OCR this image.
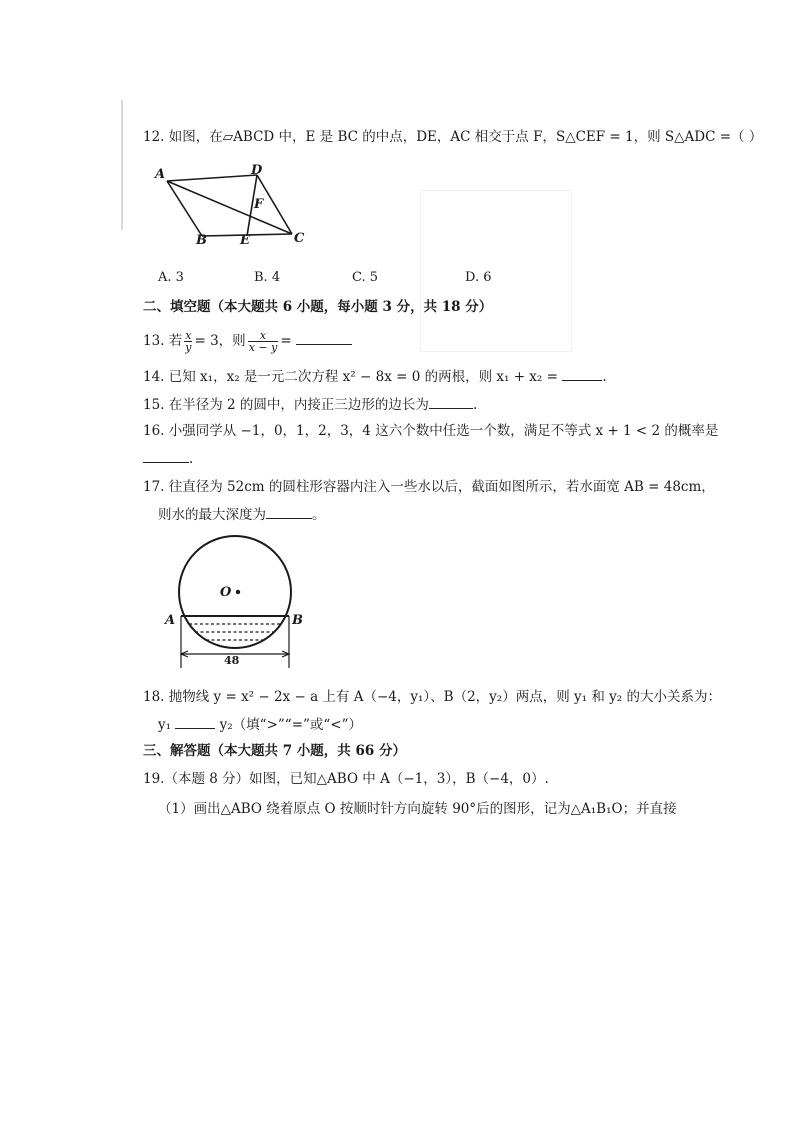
12. 如图，在▱ABCD 中，E 是 BC 的中点，DE，AC 相交于点 F，S△CEF = 1，则 S△ADC =（ ）
A	D
F
B	E	C
A. 3	B. 4	C. 5	D. 6
二、填空题（本大题共 6 小题，每小题 3 分，共 18 分）
13. 若 $\frac{x}{y} = 3$，则 $\frac{x}{x - y}$ =
14. 已知 x₁，x₂ 是一元二次方程 x² − 8x = 0 的两根，则 x₁ + x₂ =	.
15. 在半径为 2 的圆中，内接正三边形的边长为	.
16. 小强同学从 −1，0，1，2，3，4 这六个数中任选一个数，满足不等式 x + 1 < 2 的概率是
.
17. 往直径为 52cm 的圆柱形容器内注入一些水以后，截面如图所示，若水面宽 AB = 48cm，
则水的最大深度为	。
O
A	B
48
18. 抛物线 y = x² − 2x − a 上有 A（−4，y₁）、B（2，y₂）两点，则 y₁ 和 y₂ 的大小关系为：
y₁	y₂（填“>”“=”或“<”）
三、解答题（本大题共 7 小题，共 66 分）
19.（本题 8 分）如图，已知△ABO 中 A（−1，3），B（−4，0）.
（1）画出△ABO 绕着原点 O 按顺时针方向旋转 90°后的图形，记为△A₁B₁O；并直接
